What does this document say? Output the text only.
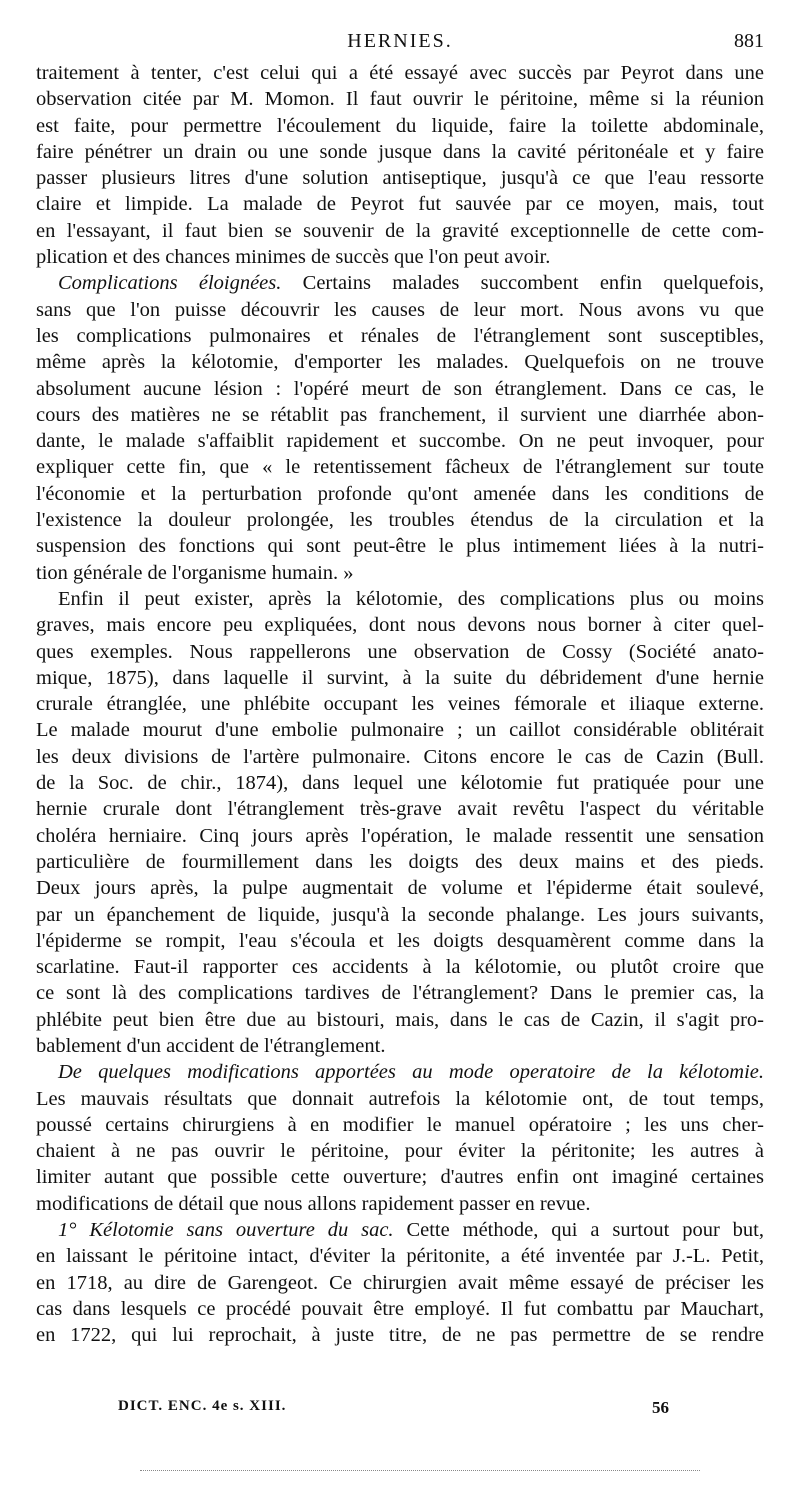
HERNIES.	881
traitement à tenter, c'est celui qui a été essayé avec succès par Peyrot dans une
observation citée par M. Momon. Il faut ouvrir le péritoine, même si la réunion
est faite, pour permettre l'écoulement du liquide, faire la toilette abdominale,
faire pénétrer un drain ou une sonde jusque dans la cavité péritonéale et y faire
passer plusieurs litres d'une solution antiseptique, jusqu'à ce que l'eau ressorte
claire et limpide. La malade de Peyrot fut sauvée par ce moyen, mais, tout
en l'essayant, il faut bien se souvenir de la gravité exceptionnelle de cette com-
plication et des chances minimes de succès que l'on peut avoir.
Complications éloignées. Certains malades succombent enfin quelquefois,
sans que l'on puisse découvrir les causes de leur mort. Nous avons vu que
les complications pulmonaires et rénales de l'étranglement sont susceptibles,
même après la kélotomie, d'emporter les malades. Quelquefois on ne trouve
absolument aucune lésion : l'opéré meurt de son étranglement. Dans ce cas, le
cours des matières ne se rétablit pas franchement, il survient une diarrhée abon-
dante, le malade s'affaiblit rapidement et succombe. On ne peut invoquer, pour
expliquer cette fin, que « le retentissement fâcheux de l'étranglement sur toute
l'économie et la perturbation profonde qu'ont amenée dans les conditions de
l'existence la douleur prolongée, les troubles étendus de la circulation et la
suspension des fonctions qui sont peut-être le plus intimement liées à la nutri-
tion générale de l'organisme humain. »
Enfin il peut exister, après la kélotomie, des complications plus ou moins
graves, mais encore peu expliquées, dont nous devons nous borner à citer quel-
ques exemples. Nous rappellerons une observation de Cossy (Société anato-
mique, 1875), dans laquelle il survint, à la suite du débridement d'une hernie
crurale étranglée, une phlébite occupant les veines fémorale et iliaque externe.
Le malade mourut d'une embolie pulmonaire ; un caillot considérable oblitérait
les deux divisions de l'artère pulmonaire. Citons encore le cas de Cazin (Bull.
de la Soc. de chir., 1874), dans lequel une kélotomie fut pratiquée pour une
hernie crurale dont l'étranglement très-grave avait revêtu l'aspect du véritable
choléra herniaire. Cinq jours après l'opération, le malade ressentit une sensation
particulière de fourmillement dans les doigts des deux mains et des pieds.
Deux jours après, la pulpe augmentait de volume et l'épiderme était soulevé,
par un épanchement de liquide, jusqu'à la seconde phalange. Les jours suivants,
l'épiderme se rompit, l'eau s'écoula et les doigts desquamèrent comme dans la
scarlatine. Faut-il rapporter ces accidents à la kélotomie, ou plutôt croire que
ce sont là des complications tardives de l'étranglement? Dans le premier cas, la
phlébite peut bien être due au bistouri, mais, dans le cas de Cazin, il s'agit pro-
bablement d'un accident de l'étranglement.
De quelques modifications apportées au mode operatoire de la kélotomie.
Les mauvais résultats que donnait autrefois la kélotomie ont, de tout temps,
poussé certains chirurgiens à en modifier le manuel opératoire ; les uns cher-
chaient à ne pas ouvrir le péritoine, pour éviter la péritonite; les autres à
limiter autant que possible cette ouverture; d'autres enfin ont imaginé certaines
modifications de détail que nous allons rapidement passer en revue.
1° Kélotomie sans ouverture du sac. Cette méthode, qui a surtout pour but,
en laissant le péritoine intact, d'éviter la péritonite, a été inventée par J.-L. Petit,
en 1718, au dire de Garengeot. Ce chirurgien avait même essayé de préciser les
cas dans lesquels ce procédé pouvait être employé. Il fut combattu par Mauchart,
en 1722, qui lui reprochait, à juste titre, de ne pas permettre de se rendre
DICT. ENC. 4e s. XIII.	56
